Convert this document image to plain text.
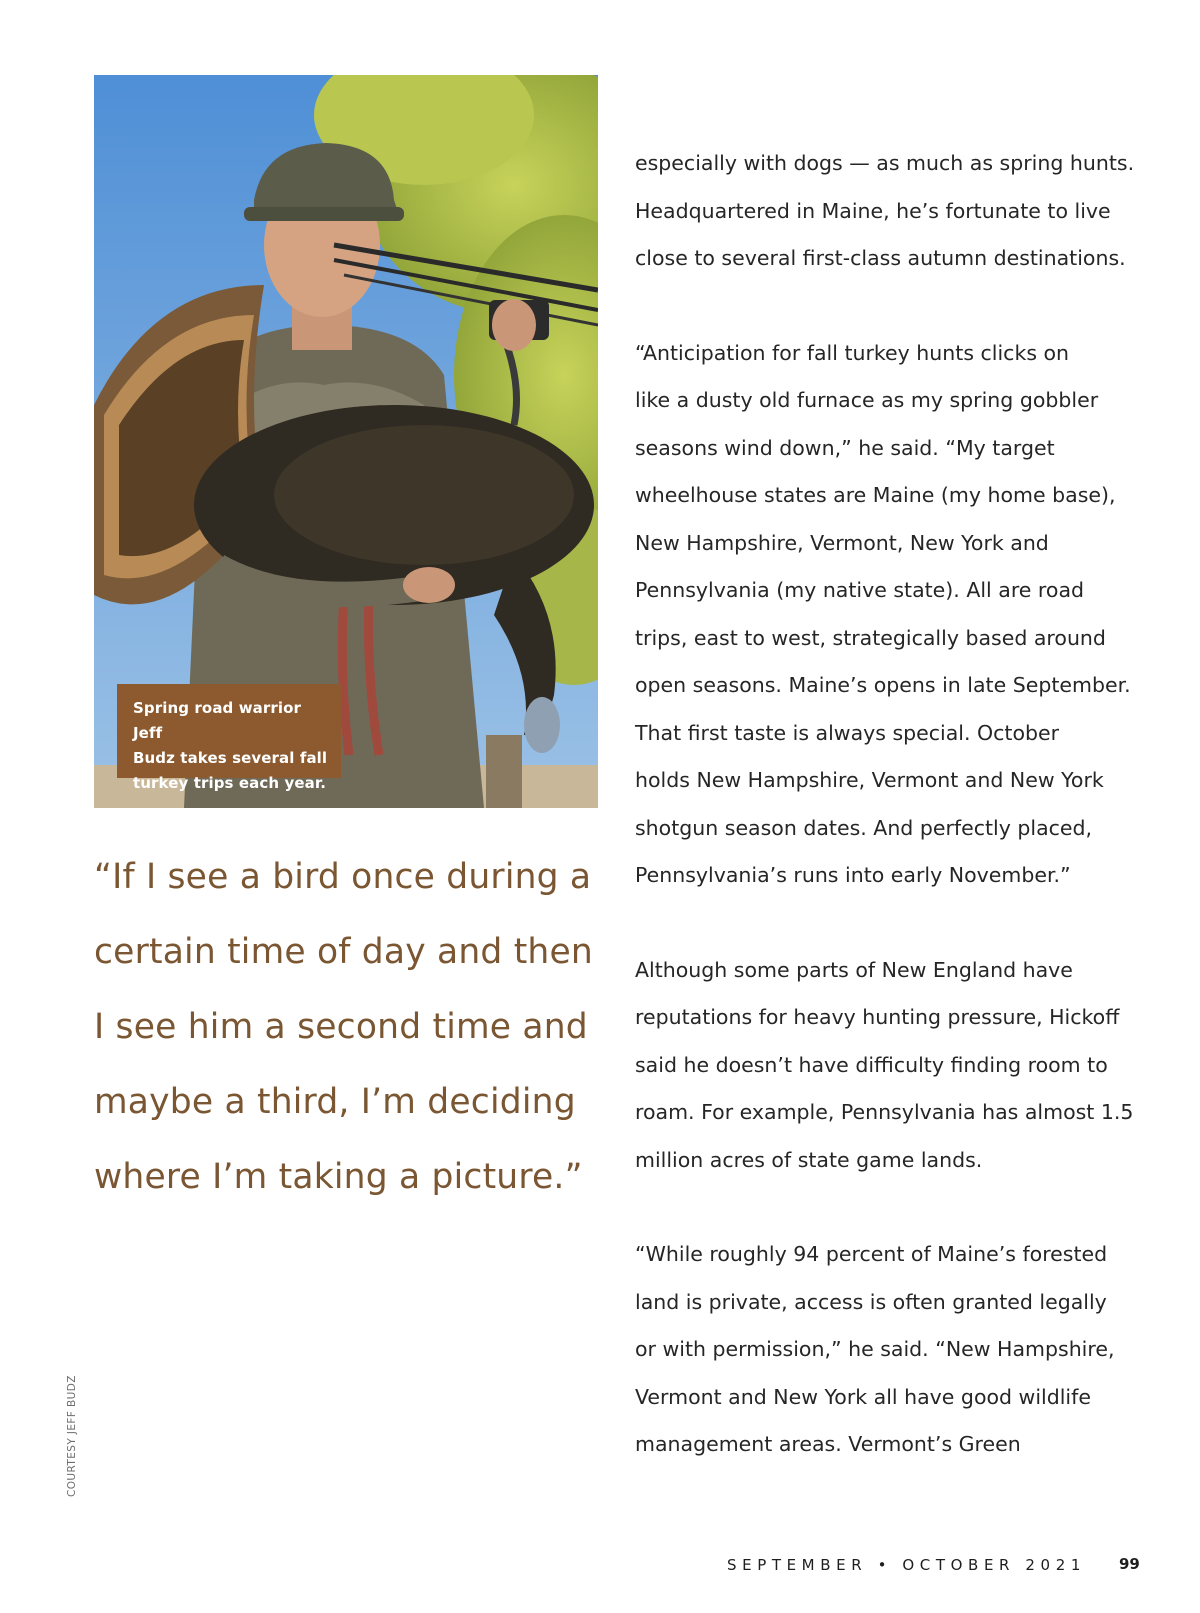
Spring road warrior Jeff

Budz takes several fall

turkey trips each year.

“If I see a bird once during a
certain time of day and then
I see him a second time and
maybe a third, I’m deciding
where I’m taking a picture.”

especially with dogs — as much as spring hunts.
Headquartered in Maine, he’s fortunate to live
close to several first-class autumn destinations.
“Anticipation for fall turkey hunts clicks on
like a dusty old furnace as my spring gobbler
seasons wind down,” he said. “My target
wheelhouse states are Maine (my home base),
New Hampshire, Vermont, New York and
Pennsylvania (my native state). All are road
trips, east to west, strategically based around
open seasons. Maine’s opens in late September.
That first taste is always special. October
holds New Hampshire, Vermont and New York
shotgun season dates. And perfectly placed,
Pennsylvania’s runs into early November.”
Although some parts of New England have
reputations for heavy hunting pressure, Hickoff
said he doesn’t have difficulty finding room to
roam. For example, Pennsylvania has almost 1.5
million acres of state game lands.
“While roughly 94 percent of Maine’s forested
land is private, access is often granted legally
or with permission,” he said. “New Hampshire,
Vermont and New York all have good wildlife
management areas. Vermont’s Green
COURTESY JEFF BUDZ
SEPTEMBER • OCTOBER 2021 99
